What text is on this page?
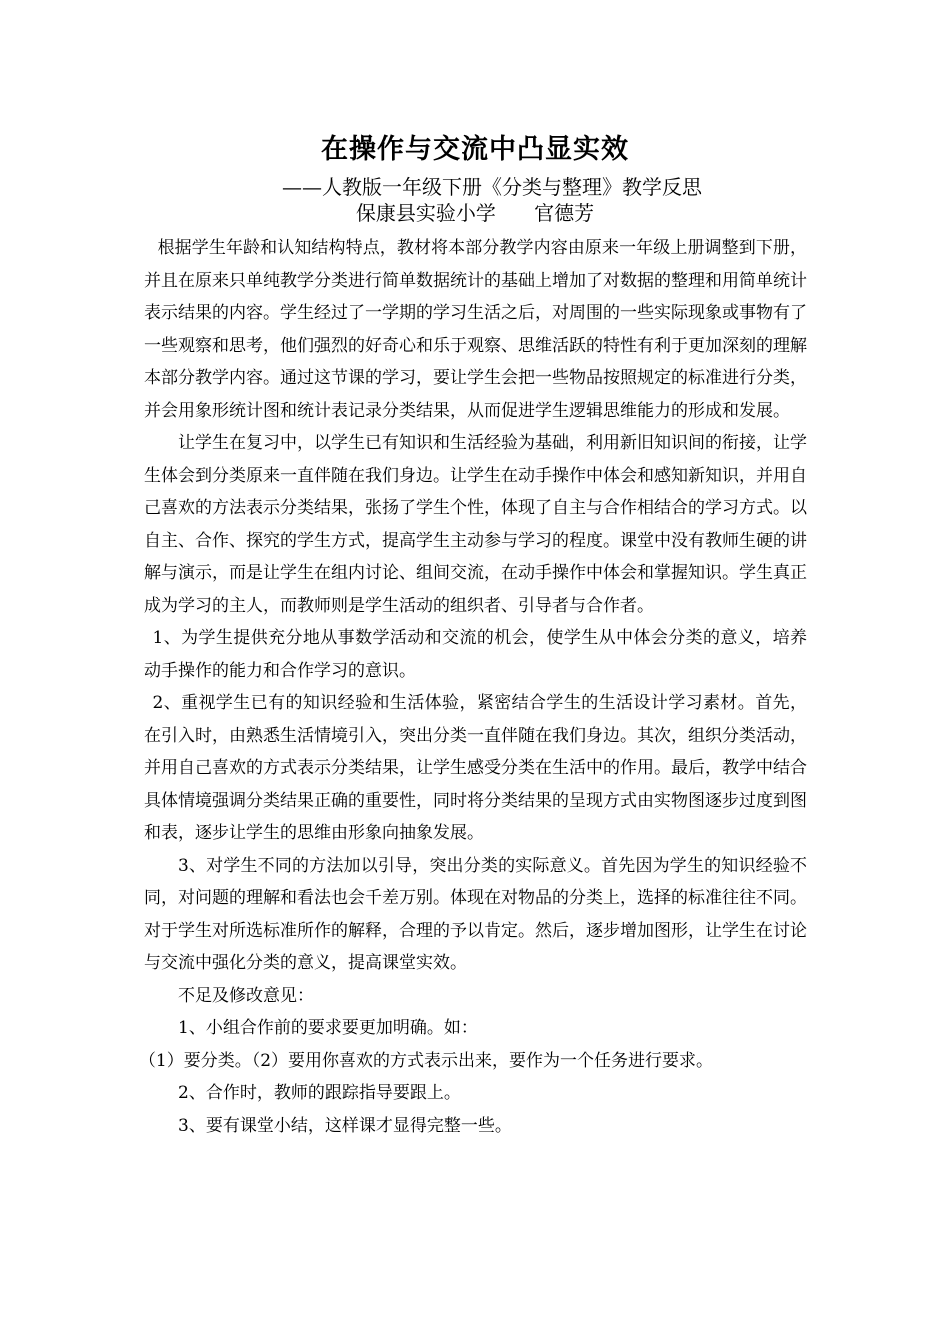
在操作与交流中凸显实效
——人教版一年级下册《分类与整理》教学反思
保康县实验小学      官德芳

根据学生年龄和认知结构特点，教材将本部分教学内容由原来一年级上册调整到下册，并且在原来只单纯教学分类进行简单数据统计的基础上增加了对数据的整理和用简单统计表示结果的内容。学生经过了一学期的学习生活之后，对周围的一些实际现象或事物有了一些观察和思考，他们强烈的好奇心和乐于观察、思维活跃的特性有利于更加深刻的理解本部分教学内容。通过这节课的学习，要让学生会把一些物品按照规定的标准进行分类，并会用象形统计图和统计表记录分类结果，从而促进学生逻辑思维能力的形成和发展。

让学生在复习中，以学生已有知识和生活经验为基础，利用新旧知识间的衔接，让学生体会到分类原来一直伴随在我们身边。让学生在动手操作中体会和感知新知识，并用自己喜欢的方法表示分类结果，张扬了学生个性，体现了自主与合作相结合的学习方式。以自主、合作、探究的学生方式，提高学生主动参与学习的程度。课堂中没有教师生硬的讲解与演示，而是让学生在组内讨论、组间交流，在动手操作中体会和掌握知识。学生真正成为学习的主人，而教师则是学生活动的组织者、引导者与合作者。

1、为学生提供充分地从事数学活动和交流的机会，使学生从中体会分类的意义，培养动手操作的能力和合作学习的意识。

2、重视学生已有的知识经验和生活体验，紧密结合学生的生活设计学习素材。首先，在引入时，由熟悉生活情境引入，突出分类一直伴随在我们身边。其次，组织分类活动，并用自己喜欢的方式表示分类结果，让学生感受分类在生活中的作用。最后，教学中结合具体情境强调分类结果正确的重要性，同时将分类结果的呈现方式由实物图逐步过度到图和表，逐步让学生的思维由形象向抽象发展。

3、对学生不同的方法加以引导，突出分类的实际意义。首先因为学生的知识经验不同，对问题的理解和看法也会千差万别。体现在对物品的分类上，选择的标准往往不同。对于学生对所选标准所作的解释，合理的予以肯定。然后，逐步增加图形，让学生在讨论与交流中强化分类的意义，提高课堂实效。

不足及修改意见：

1、小组合作前的要求要更加明确。如：

（1）要分类。（2）要用你喜欢的方式表示出来，要作为一个任务进行要求。

2、合作时，教师的跟踪指导要跟上。

3、要有课堂小结，这样课才显得完整一些。
